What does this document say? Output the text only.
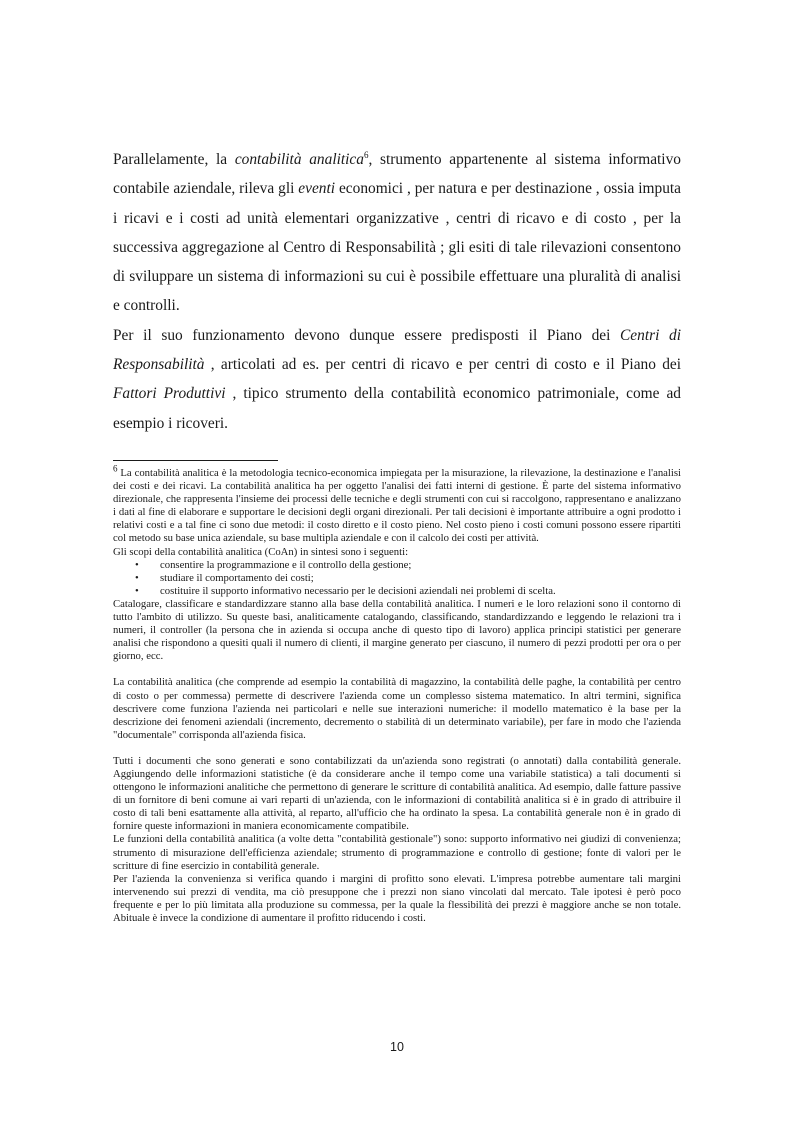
Parallelamente, la contabilità analitica$^6$, strumento appartenente al sistema informativo contabile aziendale, rileva gli eventi economici , per natura e per destinazione , ossia imputa i ricavi e i costi ad unità elementari organizzative , centri di ricavo e di costo , per la successiva aggregazione al Centro di Responsabilità ; gli esiti di tale rilevazioni consentono di sviluppare un sistema di informazioni su cui è possibile effettuare una pluralità di analisi e controlli.

Per il suo funzionamento devono dunque essere predisposti il Piano dei Centri di Responsabilità , articolati ad es. per centri di ricavo e per centri di costo e il Piano dei Fattori Produttivi , tipico strumento della contabilità economico patrimoniale, come ad esempio i ricoveri.

$^6$ La contabilità analitica è la metodologia tecnico-economica impiegata per la misurazione, la rilevazione, la destinazione e l'analisi dei costi e dei ricavi. La contabilità analitica ha per oggetto l'analisi dei fatti interni di gestione. È parte del sistema informativo direzionale, che rappresenta l'insieme dei processi delle tecniche e degli strumenti con cui si raccolgono, rappresentano e analizzano i dati al fine di elaborare e supportare le decisioni degli organi direzionali. Per tali decisioni è importante attribuire a ogni prodotto i relativi costi e a tal fine ci sono due metodi: il costo diretto e il costo pieno. Nel costo pieno i costi comuni possono essere ripartiti col metodo su base unica aziendale, su base multipla aziendale e con il calcolo dei costi per attività.

Gli scopi della contabilità analitica (CoAn) in sintesi sono i seguenti:

• consentire la programmazione e il controllo della gestione;
• studiare il comportamento dei costi;
• costituire il supporto informativo necessario per le decisioni aziendali nei problemi di scelta.

Catalogare, classificare e standardizzare stanno alla base della contabilità analitica. I numeri e le loro relazioni sono il contorno di tutto l'ambito di utilizzo. Su queste basi, analiticamente catalogando, classificando, standardizzando e leggendo le relazioni tra i numeri, il controller (la persona che in azienda si occupa anche di questo tipo di lavoro) applica principi statistici per generare analisi che rispondono a quesiti quali il numero di clienti, il margine generato per ciascuno, il numero di pezzi prodotti per ora o per giorno, ecc.

La contabilità analitica (che comprende ad esempio la contabilità di magazzino, la contabilità delle paghe, la contabilità per centro di costo o per commessa) permette di descrivere l'azienda come un complesso sistema matematico. In altri termini, significa descrivere come funziona l'azienda nei particolari e nelle sue interazioni numeriche: il modello matematico è la base per la descrizione dei fenomeni aziendali (incremento, decremento o stabilità di un determinato variabile), per fare in modo che l'azienda "documentale" corrisponda all'azienda fisica.

Tutti i documenti che sono generati e sono contabilizzati da un'azienda sono registrati (o annotati) dalla contabilità generale. Aggiungendo delle informazioni statistiche (è da considerare anche il tempo come una variabile statistica) a tali documenti si ottengono le informazioni analitiche che permettono di generare le scritture di contabilità analitica. Ad esempio, dalle fatture passive di un fornitore di beni comune ai vari reparti di un'azienda, con le informazioni di contabilità analitica si è in grado di attribuire il costo di tali beni esattamente alla attività, al reparto, all'ufficio che ha ordinato la spesa. La contabilità generale non è in grado di fornire queste informazioni in maniera economicamente compatibile.

Le funzioni della contabilità analitica (a volte detta "contabilità gestionale") sono: supporto informativo nei giudizi di convenienza; strumento di misurazione dell'efficienza aziendale; strumento di programmazione e controllo di gestione; fonte di valori per le scritture di fine esercizio in contabilità generale.

Per l'azienda la convenienza si verifica quando i margini di profitto sono elevati. L'impresa potrebbe aumentare tali margini intervenendo sui prezzi di vendita, ma ciò presuppone che i prezzi non siano vincolati dal mercato. Tale ipotesi è però poco frequente e per lo più limitata alla produzione su commessa, per la quale la flessibilità dei prezzi è maggiore anche se non totale. Abituale è invece la condizione di aumentare il profitto riducendo i costi.

10
